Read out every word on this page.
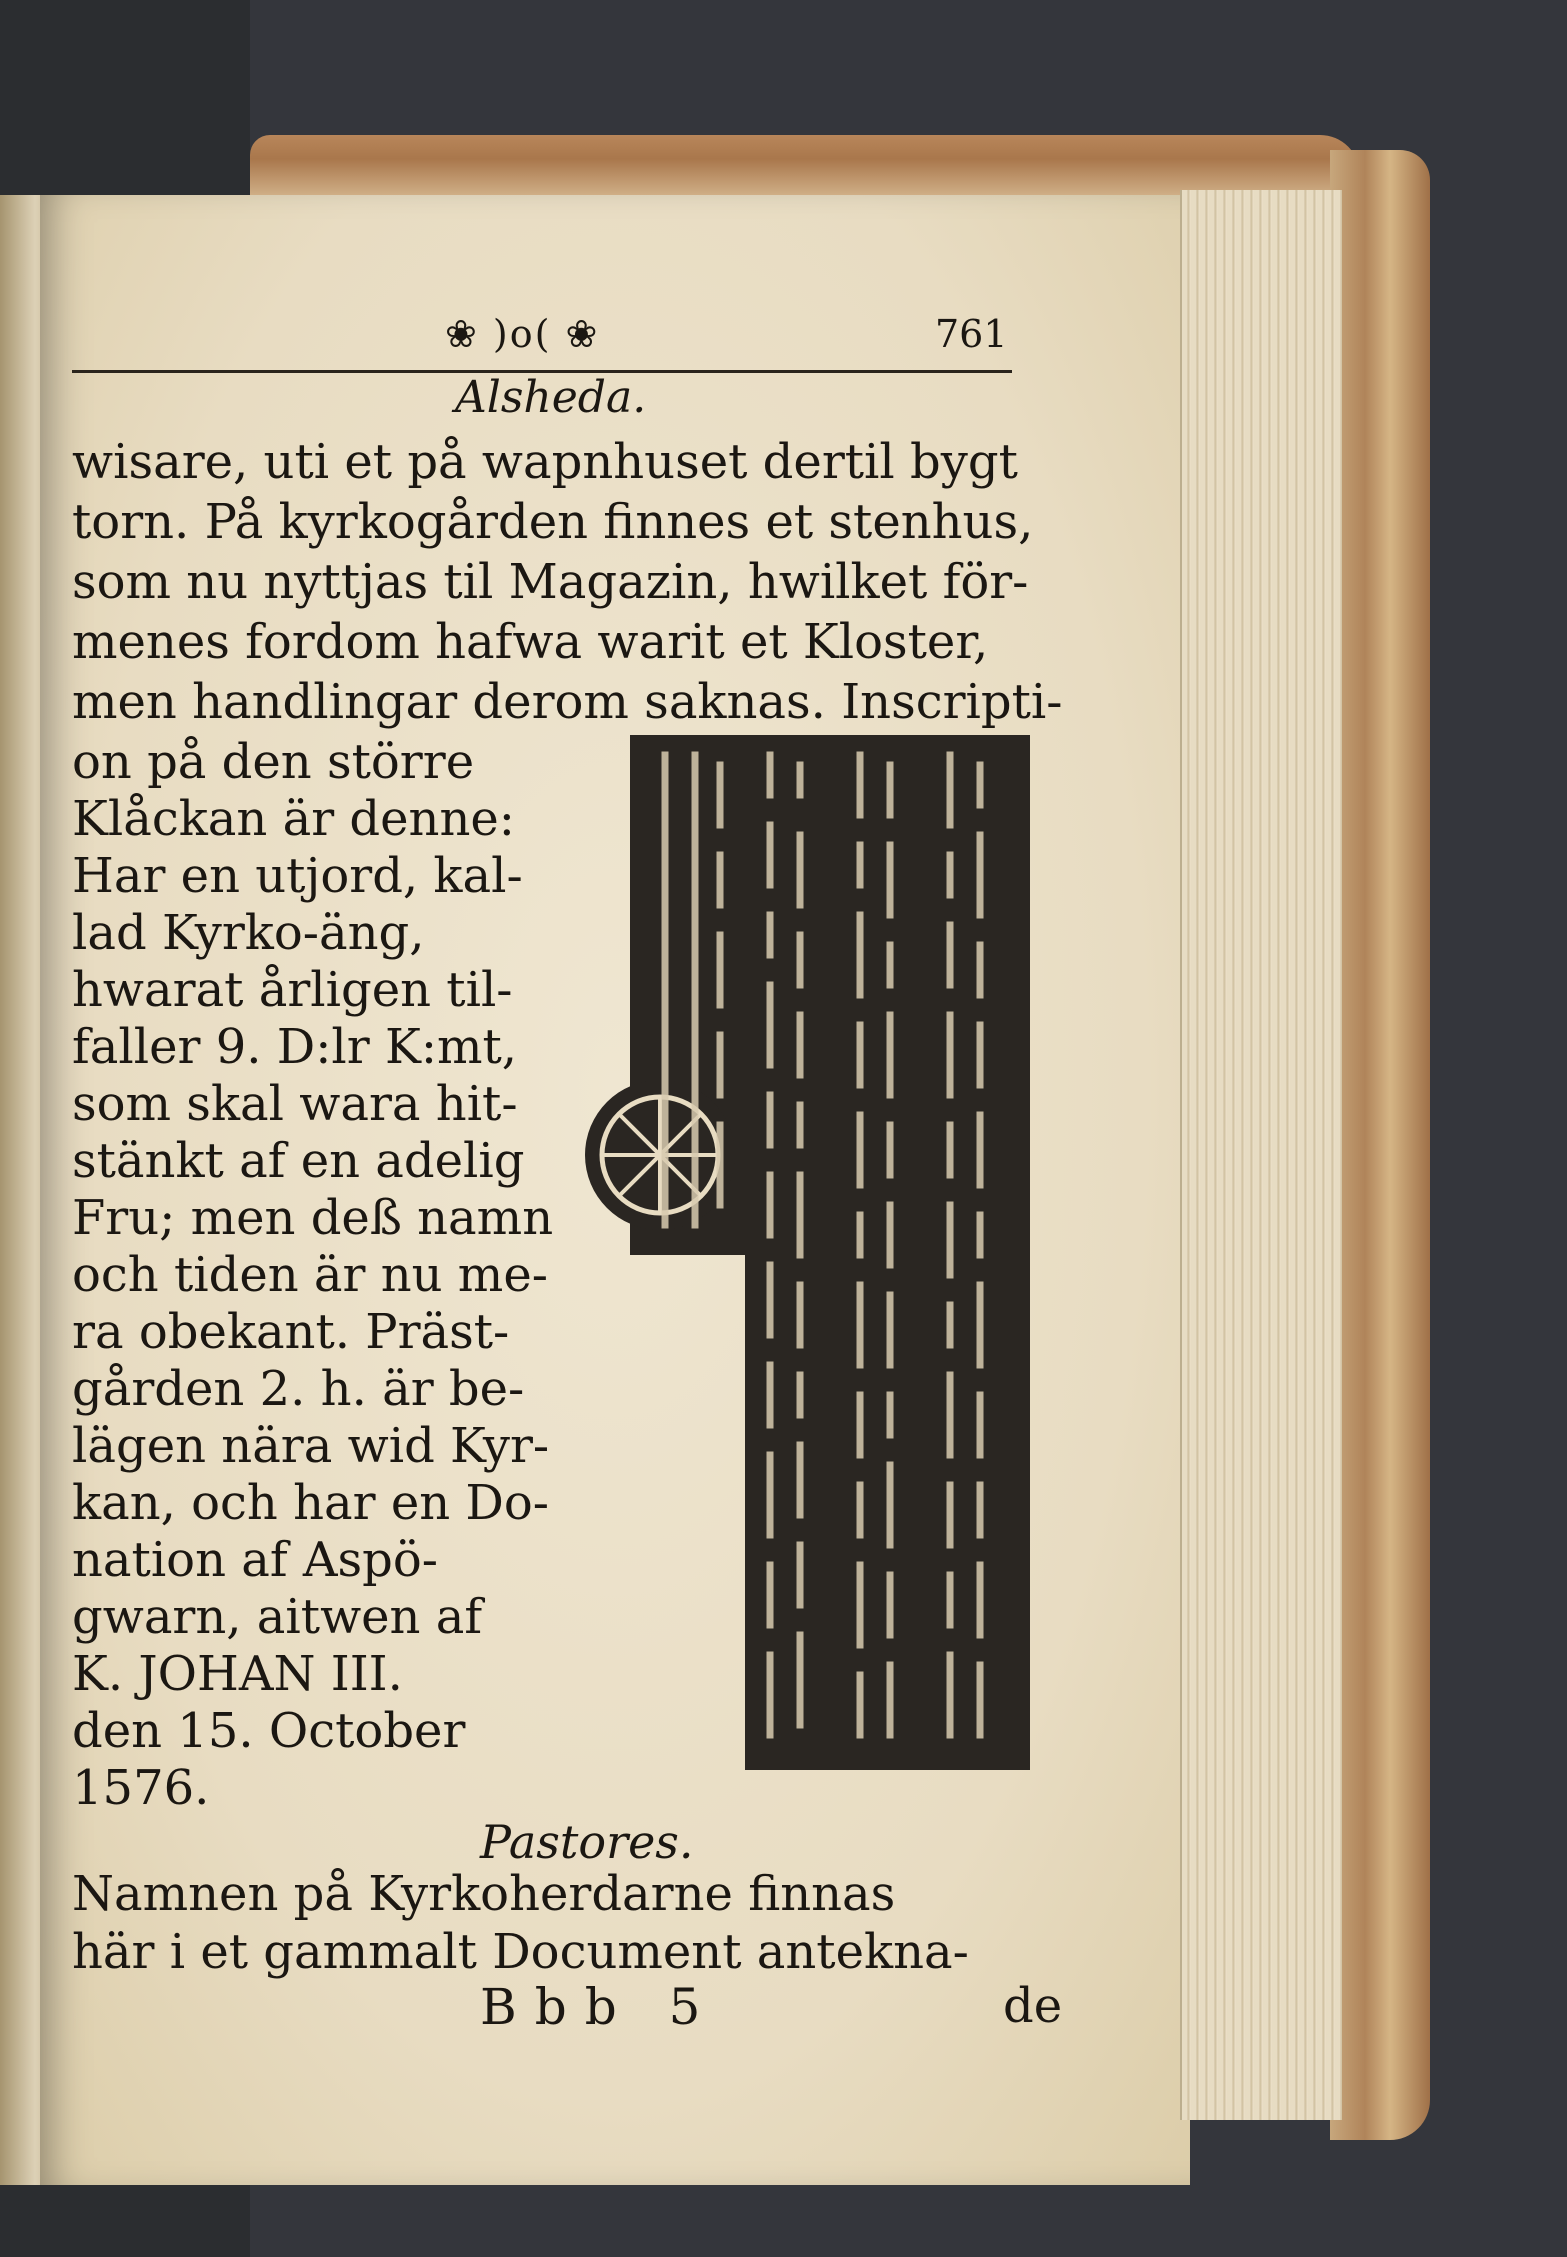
❀ )o( ❀	761
Alsheda.
wisare, uti et på wapnhuset dertil bygt
torn. På kyrkogården finnes et stenhus,
som nu nyttjas til Magazin, hwilket för-
menes fordom hafwa warit et Kloster,
men handlingar derom saknas. Inscripti-
on på den större
Klåckan är denne:
Har en utjord, kal-
lad Kyrko-äng,
hwarat årligen til-
faller 9. D:lr K:mt,
som skal wara hit-
stänkt af en adelig
Fru; men deß namn
och tiden är nu me-
ra obekant. Präst-
gården 2. h. är be-
lägen nära wid Kyr-
kan, och har en Do-
nation af Aspö-
gwarn, aitwen af
K. JOHAN III.
den 15. October
1576.
Pastores.
Namnen på Kyrkoherdarne finnas
här i et gammalt Document antekna-
Bbb 5	de
